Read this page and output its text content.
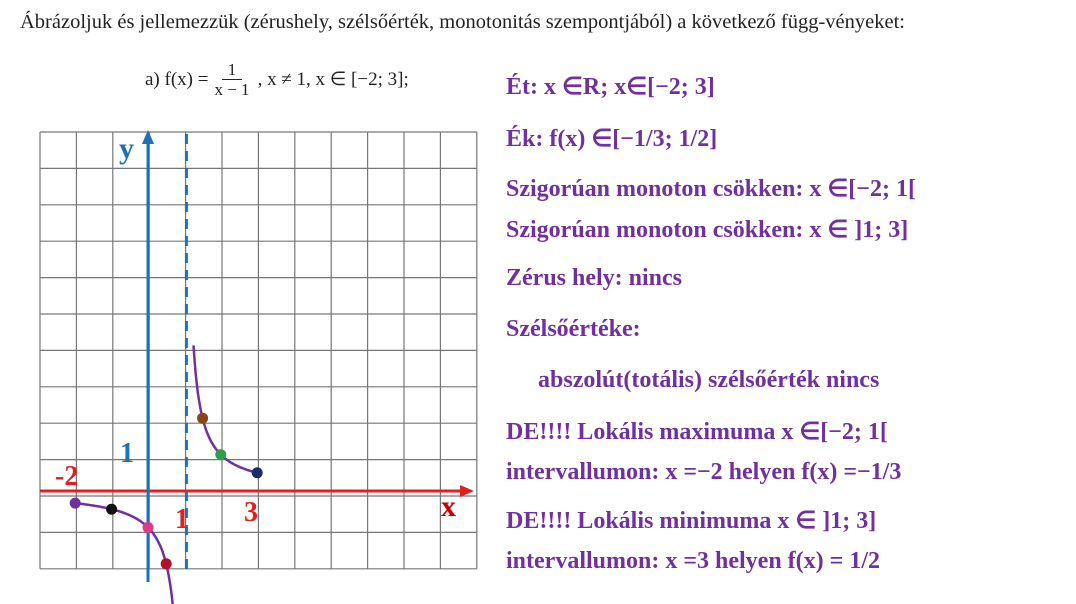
Ábrázoljuk és jellemezzük (zérushely, szélsőérték, monotonitás szempontjából) a következő függ-vényeket:
a) $f(x) = \frac{1}{x - 1}$ , x ≠ 1, x ∈ [−2; 3];
y
x
-2
1 3
1
Ét: x ∈R; x∈[−2; 3]
Ék: f(x) ∈[−1/3; 1/2]
Szigorúan monoton csökken: x ∈[−2; 1[
Szigorúan monoton csökken: x ∈ ]1; 3]
Zérus hely: nincs
Szélsőértéke:
abszolút(totális) szélsőérték nincs
DE!!!! Lokális maximuma x ∈[−2; 1[
intervallumon: x =−2 helyen f(x) =−1/3
DE!!!! Lokális minimuma x ∈ ]1; 3]
intervallumon: x =3 helyen f(x) = 1/2
